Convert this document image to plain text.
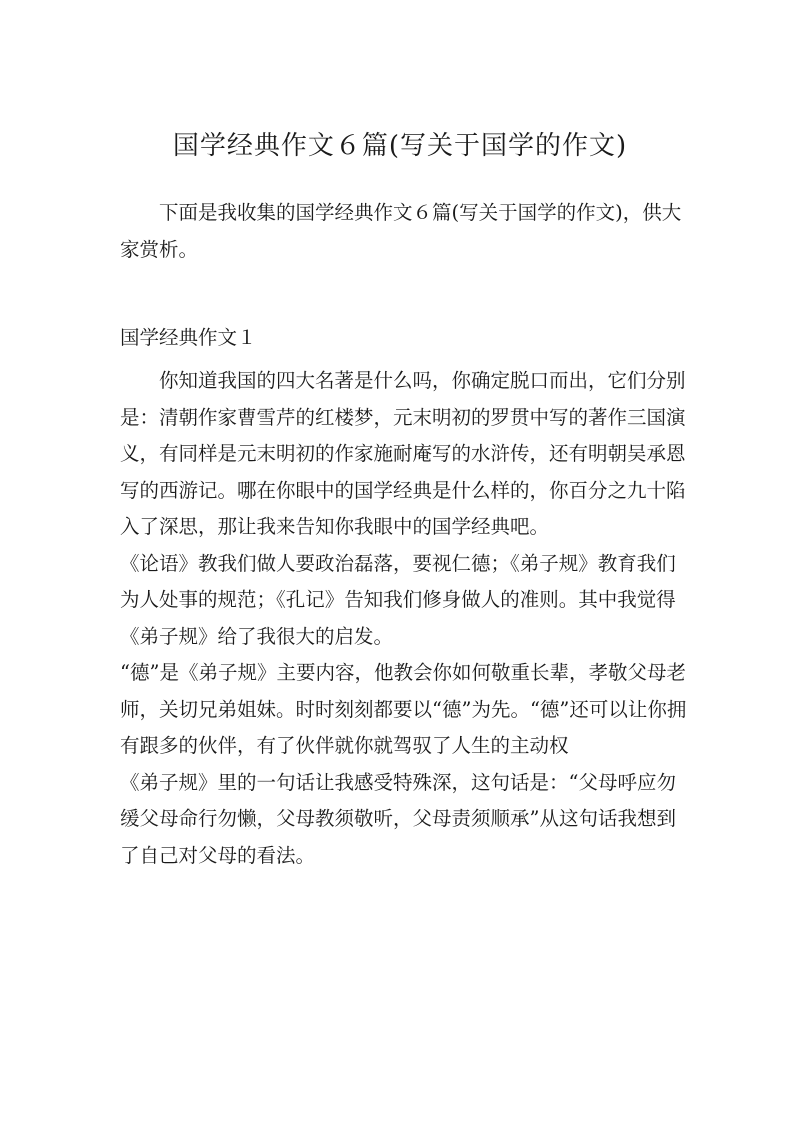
国学经典作文６篇(写关于国学的作文)
下面是我收集的国学经典作文６篇(写关于国学的作文)，供大家赏析。
国学经典作文１

你知道我国的四大名著是什么吗，你确定脱口而出，它们分别是：清朝作家曹雪芹的红楼梦，元末明初的罗贯中写的著作三国演义，有同样是元末明初的作家施耐庵写的水浒传，还有明朝吴承恩写的西游记。哪在你眼中的国学经典是什么样的，你百分之九十陷入了深思，那让我来告知你我眼中的国学经典吧。

《论语》教我们做人要政治磊落，要视仁德；《弟子规》教育我们为人处事的规范；《孔记》告知我们修身做人的准则。其中我觉得《弟子规》给了我很大的启发。

“德”是《弟子规》主要内容，他教会你如何敬重长辈，孝敬父母老师，关切兄弟姐妹。时时刻刻都要以“德”为先。“德”还可以让你拥有跟多的伙伴，有了伙伴就你就驾驭了人生的主动权

《弟子规》里的一句话让我感受特殊深，这句话是：“父母呼应勿缓父母命行勿懒，父母教须敬听，父母责须顺承”从这句话我想到了自己对父母的看法。
